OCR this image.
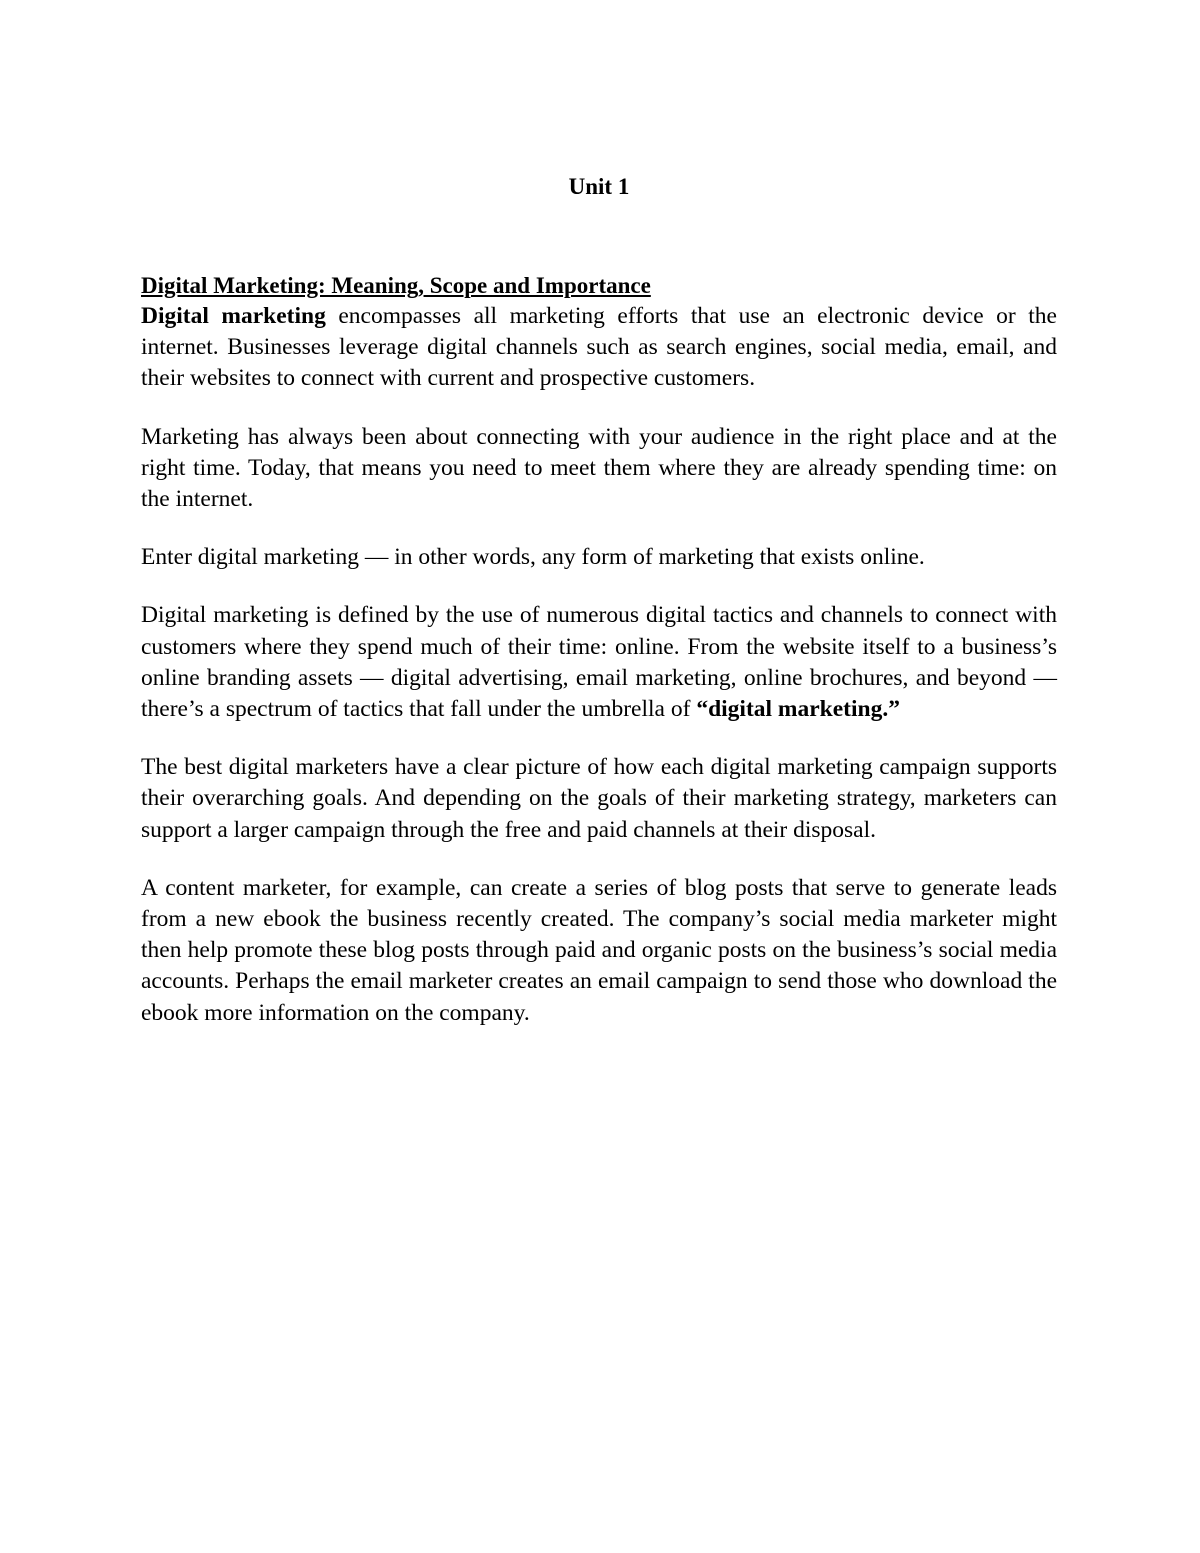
Unit 1
Digital Marketing: Meaning, Scope and Importance

Digital marketing encompasses all marketing efforts that use an electronic device or the internet. Businesses leverage digital channels such as search engines, social media, email, and their websites to connect with current and prospective customers.

Marketing has always been about connecting with your audience in the right place and at the right time. Today, that means you need to meet them where they are already spending time: on the internet.

Enter digital marketing — in other words, any form of marketing that exists online.

Digital marketing is defined by the use of numerous digital tactics and channels to connect with customers where they spend much of their time: online. From the website itself to a business’s online branding assets — digital advertising, email marketing, online brochures, and beyond — there’s a spectrum of tactics that fall under the umbrella of “digital marketing.”

The best digital marketers have a clear picture of how each digital marketing campaign supports their overarching goals. And depending on the goals of their marketing strategy, marketers can support a larger campaign through the free and paid channels at their disposal.

A content marketer, for example, can create a series of blog posts that serve to generate leads from a new ebook the business recently created. The company’s social media marketer might then help promote these blog posts through paid and organic posts on the business’s social media accounts. Perhaps the email marketer creates an email campaign to send those who download the ebook more information on the company.
